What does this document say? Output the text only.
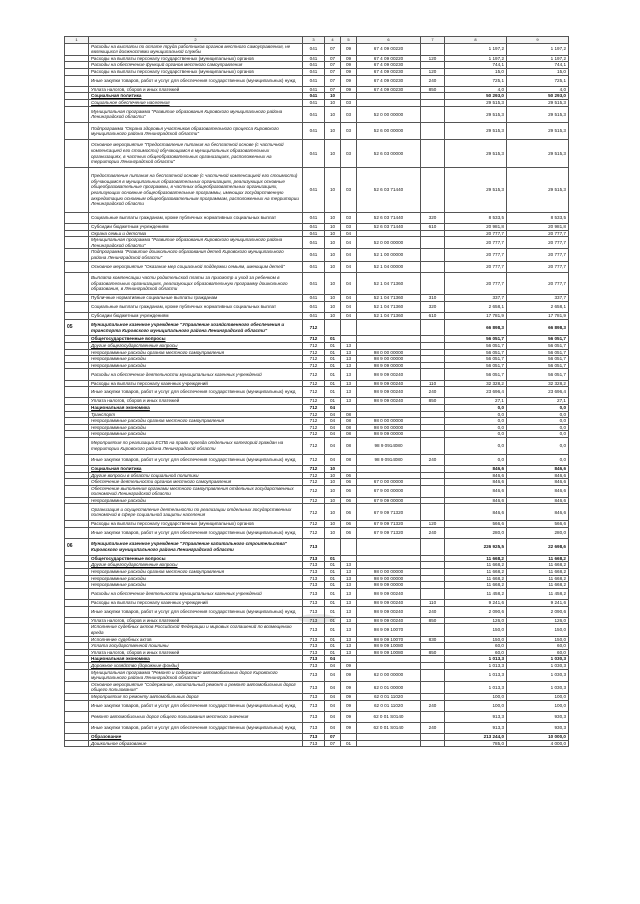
1	2	3	4	5	6	7	8	9
	Расходы на выплаты по оплате труда работников органов местного самоуправления, не являющихся должностями муниципальной службы	041	07	09	67 4 09 00220		1 197,2	1 197,2
	Расходы на выплаты персоналу государственных (муниципальных) органов	041	07	09	67 4 09 00220	120	1 197,2	1 197,2
	Расходы на обеспечение функций органов местного самоуправления	041	07	09	67 4 09 00230		744,1	744,1
	Расходы на выплаты персоналу государственных (муниципальных) органов	041	07	09	67 4 09 00230	120	15,0	15,0
	Иные закупки товаров, работ и услуг для обеспечения государственных (муниципальных) нужд	041	07	09	67 4 09 00230	240	725,1	725,1
	Уплата налогов, сборов и иных платежей	041	07	09	67 4 09 00230	850	4,0	4,0
	Социальная политика	041	10				50 293,0	50 293,0
	Социальное обеспечение населения	041	10	03			29 515,3	29 515,3
	Муниципальная программа "Развитие образования Кировского муниципального района Ленинградской области"	041	10	03	52 0 00 00000		29 515,3	29 515,3
	Подпрограмма "Охрана здоровья участников образовательного процесса Кировского муниципального района Ленинградской области"	041	10	03	52 6 00 00000		29 515,3	29 515,3
	Основное мероприятие "Предоставление питания на бесплатной основе (с частичной компенсацией его стоимости) обучающимся в муниципальных образовательных организациях, в частных общеобразовательных организациях, расположенных на территории Ленинградской области"	041	10	03	52 6 03 00000		29 515,3	29 515,3
	Предоставление питания на бесплатной основе (с частичной компенсацией его стоимости) обучающимся в муниципальных образовательных организациях, реализующих основные общеобразовательные программы, в частных общеобразовательных организациях, реализующих основные общеобразовательные программы, имеющих государственную аккредитацию основным общеобразовательным программам, расположенных на территории Ленинградской области	041	10	03	52 6 03 71440		29 515,3	29 515,3
	Социальные выплаты гражданам, кроме публичных нормативных социальных выплат	041	10	03	52 6 03 71440	320	8 533,5	8 533,5
	Субсидии бюджетным учреждениям	041	10	03	52 6 03 71440	610	20 981,8	20 981,8
	Охрана семьи и детства	041	10	04			20 777,7	20 777,7
	Муниципальная программа "Развитие образования Кировского муниципального района Ленинградской области"	041	10	04	52 0 00 00000		20 777,7	20 777,7
	Подпрограмма "Развитие дошкольного образования детей Кировского муниципального района Ленинградской области"	041	10	04	52 1 00 00000		20 777,7	20 777,7
	Основное мероприятие "Оказание мер социальной поддержки семьям, имеющим детей"	041	10	04	52 1 04 00000		20 777,7	20 777,7
	Выплата компенсации части родительской платы за присмотр и уход за ребенком в образовательных организациях, реализующих образовательную программу дошкольного образования, в Ленинградской области	041	10	04	52 1 04 71360		20 777,7	20 777,7
	Публичные нормативные социальные выплаты гражданам	041	10	04	52 1 04 71360	310	337,7	337,7
	Социальные выплаты гражданам, кроме публичных нормативных социальных выплат	041	10	04	52 1 04 71360	320	2 658,1	2 658,1
	Субсидии бюджетным учреждениям	041	10	04	52 1 04 71360	610	17 781,9	17 781,9
05	Муниципальное казенное учреждение "Управление хозяйственного обеспечения и транспорта Кировского муниципального района Ленинградской области"	712					66 898,3	66 898,3
	Общегосударственные вопросы	712	01				56 051,7	56 051,7
	Другие общегосударственные вопросы	712	01	13			56 051,7	56 051,7
	Непрограммные расходы органов местного самоуправления	712	01	13	98 0 00 00000		56 051,7	56 051,7
	Непрограммные расходы	712	01	13	98 9 00 00000		56 051,7	56 051,7
	Непрограммные расходы	712	01	13	98 9 09 00000		56 051,7	56 051,7
	Расходы на обеспечение деятельности муниципальных казенных учреждений	712	01	13	98 9 09 00240		56 051,7	56 051,7
	Расходы на выплаты персоналу казенных учреждений	712	01	13	98 9 09 00240	110	32 328,2	32 328,2
	Иные закупки товаров, работ и услуг для обеспечения государственных (муниципальных) нужд	712	01	13	98 9 09 00240	240	23 696,4	23 696,4
	Уплата налогов, сборов и иных платежей	712	01	13	98 9 09 00240	850	27,1	27,1
	Национальная экономика	712	04				0,0	0,0
	Транспорт	712	04	08			0,0	0,0
	Непрограммные расходы органов местного самоуправления	712	04	08	98 0 00 00000		0,0	0,0
	Непрограммные расходы	712	04	08	98 9 00 00000		0,0	0,0
	Непрограммные расходы	712	04	08	98 9 09 00000		0,0	0,0
	Мероприятия по реализации ЕСПБ на право проезда отдельных категорий граждан на территории Кировского района Ленинградской области	712	04	08	98 9 0914080		0,0	0,0
	Иные закупки товаров, работ и услуг для обеспечения государственных (муниципальных) нужд	712	04	08	98 9 0914080	240	0,0	0,0
	Социальная политика	712	10				846,6	846,6
	Другие вопросы в области социальной политики	712	10	06			846,6	846,6
	Обеспечение деятельности органов местного самоуправления	712	10	06	67 0 00 00000		846,6	846,6
	Обеспечение выполнения органами местного самоуправления отдельных государственных полномочий Ленинградской области	712	10	06	67 9 00 00000		846,6	846,6
	Непрограммные расходы	712	10	06	67 9 09 00000		846,6	846,6
	Организация и осуществление деятельности по реализации отдельных государственных полномочий в сфере социальной защиты населения	712	10	06	67 9 09 71320		846,6	846,6
	Расходы на выплаты персоналу государственных (муниципальных) органов	712	10	06	67 9 09 71320	120	566,6	566,6
	Иные закупки товаров, работ и услуг для обеспечения государственных (муниципальных) нужд	712	10	06	67 9 09 71320	240	280,0	280,0
06	Муниципальное казенное учреждение "Управление капитального строительства" Кировского муниципального района Ленинградской области	713					226 925,5	22 698,6
	Общегосударственные вопросы	713	01				11 668,2	11 668,2
	Другие общегосударственные вопросы	713	01	13			11 668,2	11 668,2
	Непрограммные расходы органов местного самоуправления	713	01	13	98 0 00 00000		11 668,2	11 668,2
	Непрограммные расходы	713	01	13	98 9 00 00000		11 668,2	11 668,2
	Непрограммные расходы	713	01	13	98 9 09 00000		11 668,2	11 668,2
	Расходы на обеспечение деятельности муниципальных казенных учреждений	713	01	13	98 9 09 00240		11 458,2	11 458,2
	Расходы на выплаты персоналу казенных учреждений	713	01	13	98 9 09 00240	110	9 241,6	9 241,6
	Иные закупки товаров, работ и услуг для обеспечения государственных (муниципальных) нужд	713	01	13	98 9 09 00240	240	2 090,6	2 090,6
	Уплата налогов, сборов и иных платежей	713	01	13	98 9 09 00240	850	126,0	126,0
	Исполнение судебных актов Российской Федерации и мировых соглашений по возмещению вреда	713	01	13	98 9 09 10070		150,0	150,0
	Исполнение судебных актов	713	01	13	98 9 09 10070	830	150,0	150,0
	Уплата государственной пошлины	713	01	13	98 9 09 10080		60,0	60,0
	Уплата налогов, сборов и иных платежей	713	01	13	98 9 09 10080	850	60,0	60,0
	Национальная экономика	713	04				1 013,3	1 030,3
	Дорожное хозяйство (дорожные фонды)	713	04	09			1 013,3	1 030,3
	Муниципальная программа "Ремонт и содержание автомобильных дорог Кировского муниципального района Ленинградской области"	713	04	09	62 0 00 00000		1 013,3	1 030,3
	Основное мероприятие "Содержание, капитальный ремонт и ремонт автомобильных дорог общего пользования"	713	04	09	62 0 01 00000		1 013,3	1 030,3
	Мероприятия по ремонту автомобильных дорог	713	04	09	62 0 01 11020		100,0	100,0
	Иные закупки товаров, работ и услуг для обеспечения государственных (муниципальных) нужд	713	04	09	62 0 01 11020	240	100,0	100,0
	Ремонт автомобильных дорог общего пользования местного значения	713	04	09	62 0 01 S0140		913,3	930,3
	Иные закупки товаров, работ и услуг для обеспечения государственных (муниципальных) нужд	713	04	09	62 0 01 S0140	240	913,3	930,3
	Образование	713	07				213 244,0	10 000,0
	Дошкольное образование	713	07	01			785,0	4 000,0
